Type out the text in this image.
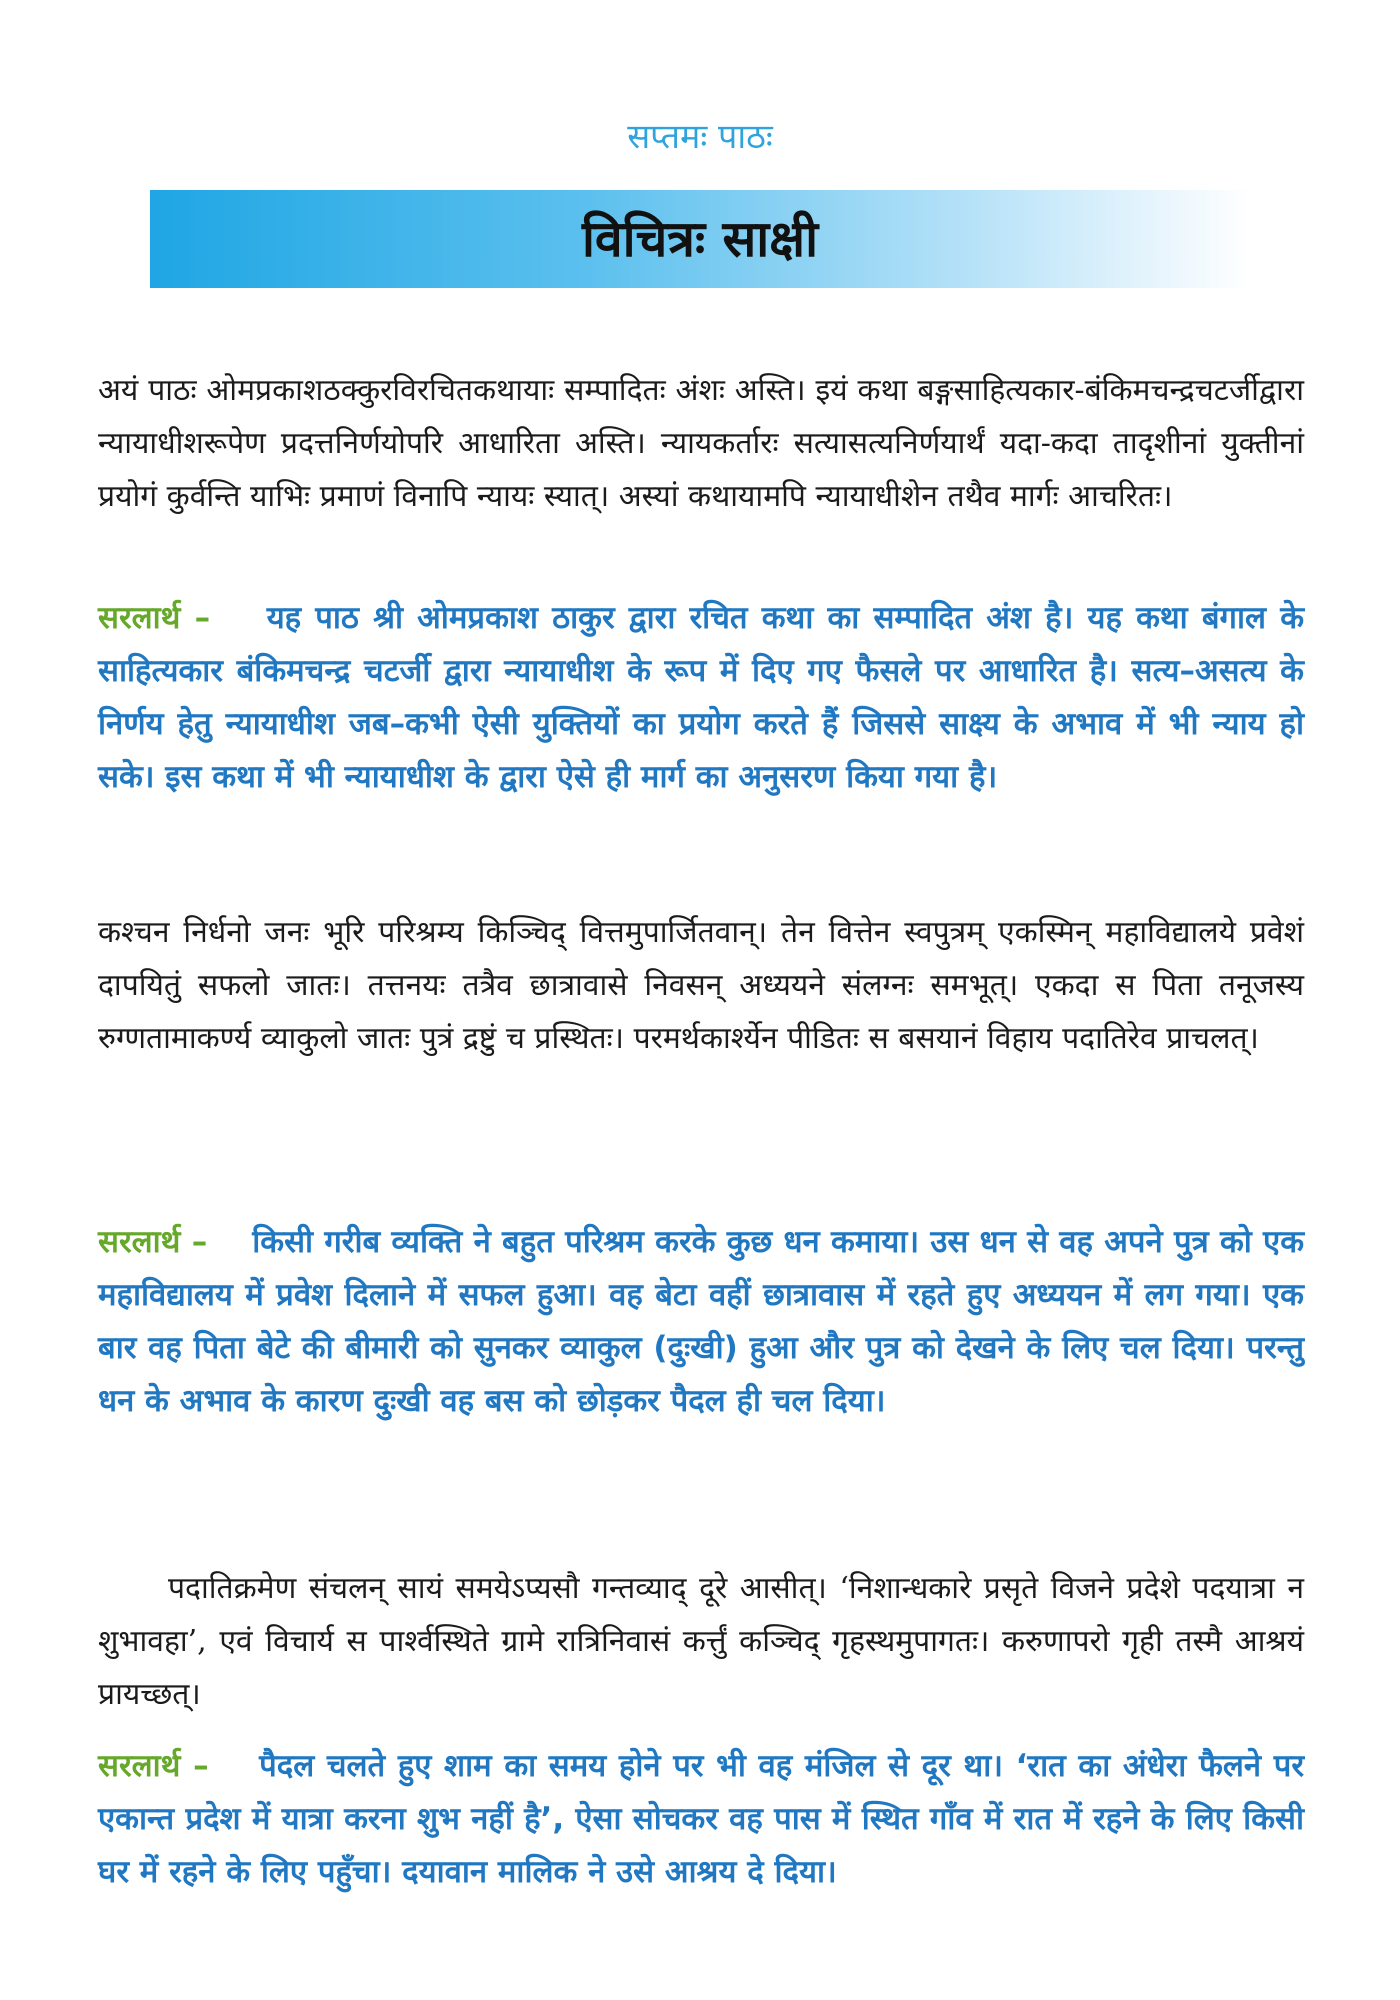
सप्तमः पाठः
विचित्रः साक्षी

अयं पाठः ओमप्रकाशठक्कुरविरचितकथायाः सम्पादितः अंशः अस्ति। इयं कथा बङ्गसाहित्यकार-बंकिमचन्द्रचटर्जीद्वारा न्यायाधीशरूपेण प्रदत्तनिर्णयोपरि आधारिता अस्ति। न्यायकर्तारः सत्यासत्यनिर्णयार्थं यदा-कदा तादृशीनां युक्तीनां प्रयोगं कुर्वन्ति याभिः प्रमाणं विनापि न्यायः स्यात्। अस्यां कथायामपि न्यायाधीशेन तथैव मार्गः आचरितः।

सरलार्थ – यह पाठ श्री ओमप्रकाश ठाकुर द्वारा रचित कथा का सम्पादित अंश है। यह कथा बंगाल के साहित्यकार बंकिमचन्द्र चटर्जी द्वारा न्यायाधीश के रूप में दिए गए फैसले पर आधारित है। सत्य–असत्य के निर्णय हेतु न्यायाधीश जब–कभी ऐसी युक्तियों का प्रयोग करते हैं जिससे साक्ष्य के अभाव में भी न्याय हो सके। इस कथा में भी न्यायाधीश के द्वारा ऐसे ही मार्ग का अनुसरण किया गया है।

कश्चन निर्धनो जनः भूरि परिश्रम्य किञ्चिद् वित्तमुपार्जितवान्। तेन वित्तेन स्वपुत्रम् एकस्मिन् महाविद्यालये प्रवेशं दापयितुं सफलो जातः। तत्तनयः तत्रैव छात्रावासे निवसन् अध्ययने संलग्नः समभूत्। एकदा स पिता तनूजस्य रुग्णतामाकर्ण्य व्याकुलो जातः पुत्रं द्रष्टुं च प्रस्थितः। परमर्थकार्श्येन पीडितः स बसयानं विहाय पदातिरेव प्राचलत्।

सरलार्थ – किसी गरीब व्यक्ति ने बहुत परिश्रम करके कुछ धन कमाया। उस धन से वह अपने पुत्र को एक महाविद्यालय में प्रवेश दिलाने में सफल हुआ। वह बेटा वहीं छात्रावास में रहते हुए अध्ययन में लग गया। एक बार वह पिता बेटे की बीमारी को सुनकर व्याकुल (दुःखी) हुआ और पुत्र को देखने के लिए चल दिया। परन्तु धन के अभाव के कारण दुःखी वह बस को छोड़कर पैदल ही चल दिया।

पदातिक्रमेण संचलन् सायं समयेऽप्यसौ गन्तव्याद् दूरे आसीत्। ‘निशान्धकारे प्रसृते विजने प्रदेशे पदयात्रा न शुभावहा’, एवं विचार्य स पार्श्वस्थिते ग्रामे रात्रिनिवासं कर्त्तुं कञ्चिद् गृहस्थमुपागतः। करुणापरो गृही तस्मै आश्रयं प्रायच्छत्।

सरलार्थ – पैदल चलते हुए शाम का समय होने पर भी वह मंजिल से दूर था। ‘रात का अंधेरा फैलने पर एकान्त प्रदेश में यात्रा करना शुभ नहीं है’, ऐसा सोचकर वह पास में स्थित गाँव में रात में रहने के लिए किसी घर में रहने के लिए पहुँचा। दयावान मालिक ने उसे आश्रय दे दिया।
